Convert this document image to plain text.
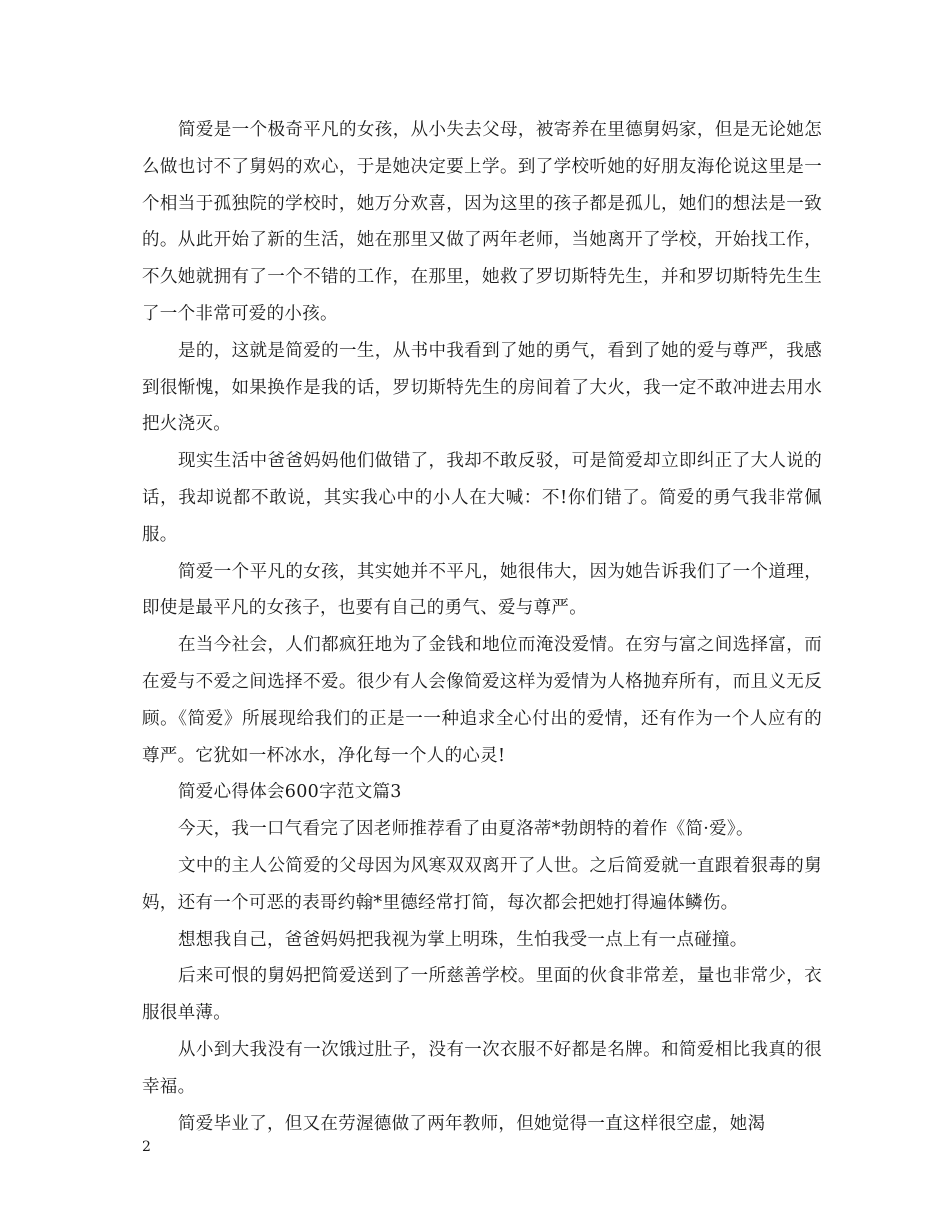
简爱是一个极奇平凡的女孩，从小失去父母，被寄养在里德舅妈家，但是无论她怎么做也讨不了舅妈的欢心，于是她决定要上学。到了学校听她的好朋友海伦说这里是一个相当于孤独院的学校时，她万分欢喜，因为这里的孩子都是孤儿，她们的想法是一致的。从此开始了新的生活，她在那里又做了两年老师，当她离开了学校，开始找工作，不久她就拥有了一个不错的工作，在那里，她救了罗切斯特先生，并和罗切斯特先生生了一个非常可爱的小孩。

是的，这就是简爱的一生，从书中我看到了她的勇气，看到了她的爱与尊严，我感到很惭愧，如果换作是我的话，罗切斯特先生的房间着了大火，我一定不敢冲进去用水把火浇灭。

现实生活中爸爸妈妈他们做错了，我却不敢反驳，可是简爱却立即纠正了大人说的话，我却说都不敢说，其实我心中的小人在大喊：不!你们错了。简爱的勇气我非常佩服。

简爱一个平凡的女孩，其实她并不平凡，她很伟大，因为她告诉我们了一个道理，即使是最平凡的女孩子，也要有自己的勇气、爱与尊严。

在当今社会，人们都疯狂地为了金钱和地位而淹没爱情。在穷与富之间选择富，而在爱与不爱之间选择不爱。很少有人会像简爱这样为爱情为人格抛弃所有，而且义无反顾。《简爱》所展现给我们的正是一一种追求全心付出的爱情，还有作为一个人应有的尊严。它犹如一杯冰水，净化每一个人的心灵!

简爱心得体会600字范文篇3

今天，我一口气看完了因老师推荐看了由夏洛蒂*勃朗特的着作《简·爱》。

文中的主人公简爱的父母因为风寒双双离开了人世。之后简爱就一直跟着狠毒的舅妈，还有一个可恶的表哥约翰*里德经常打简，每次都会把她打得遍体鳞伤。

想想我自己，爸爸妈妈把我视为掌上明珠，生怕我受一点上有一点碰撞。

后来可恨的舅妈把简爱送到了一所慈善学校。里面的伙食非常差，量也非常少，衣服很单薄。

从小到大我没有一次饿过肚子，没有一次衣服不好都是名牌。和简爱相比我真的很幸福。

简爱毕业了，但又在劳渥德做了两年教师，但她觉得一直这样很空虚，她渴

2
